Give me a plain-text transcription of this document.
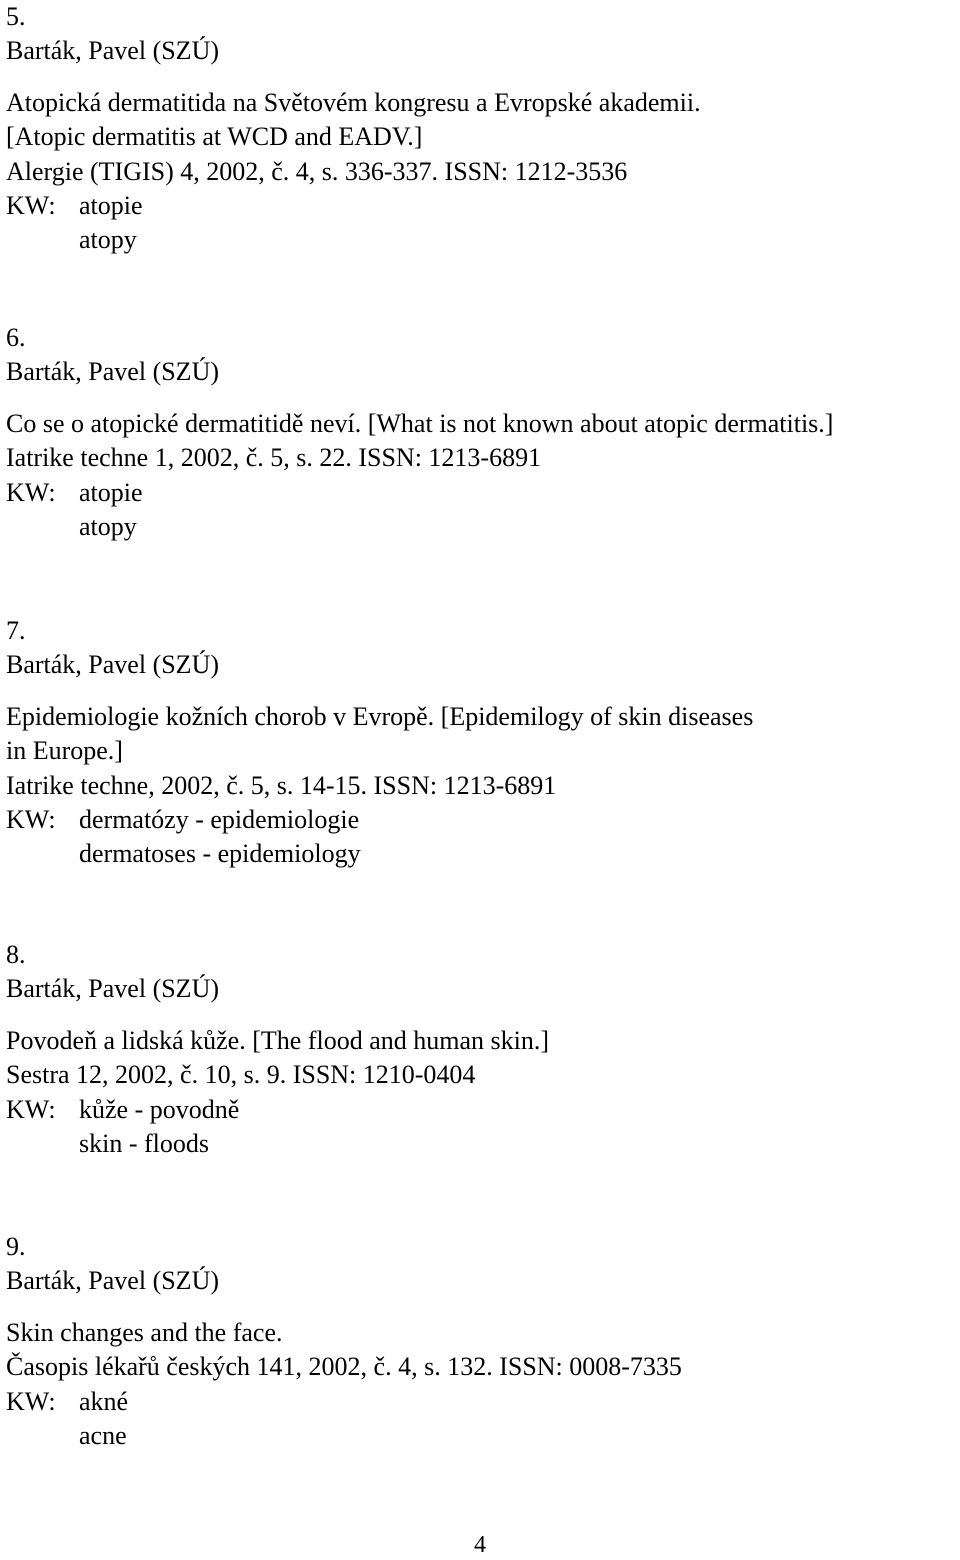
5.
Barták, Pavel (SZÚ)
Atopická dermatitida na Světovém kongresu a Evropské akademii.
[Atopic dermatitis at WCD and EADV.]
Alergie (TIGIS) 4, 2002, č. 4, s. 336-337. ISSN: 1212-3536
KW: atopie
atopy
6.
Barták, Pavel (SZÚ)
Co se o atopické dermatitidě neví. [What is not known about atopic dermatitis.]
Iatrike techne 1, 2002, č. 5, s. 22. ISSN: 1213-6891
KW: atopie
atopy
7.
Barták, Pavel (SZÚ)
Epidemiologie kožních chorob v Evropě. [Epidemilogy of skin diseases
in Europe.]
Iatrike techne, 2002, č. 5, s. 14-15. ISSN: 1213-6891
KW: dermatózy - epidemiologie
dermatoses - epidemiology
8.
Barták, Pavel (SZÚ)
Povodeň a lidská kůže. [The flood and human skin.]
Sestra 12, 2002, č. 10, s. 9. ISSN: 1210-0404
KW: kůže - povodně
skin - floods
9.
Barták, Pavel (SZÚ)
Skin changes and the face.
Časopis lékařů českých 141, 2002, č. 4, s. 132. ISSN: 0008-7335
KW: akné
acne
4
